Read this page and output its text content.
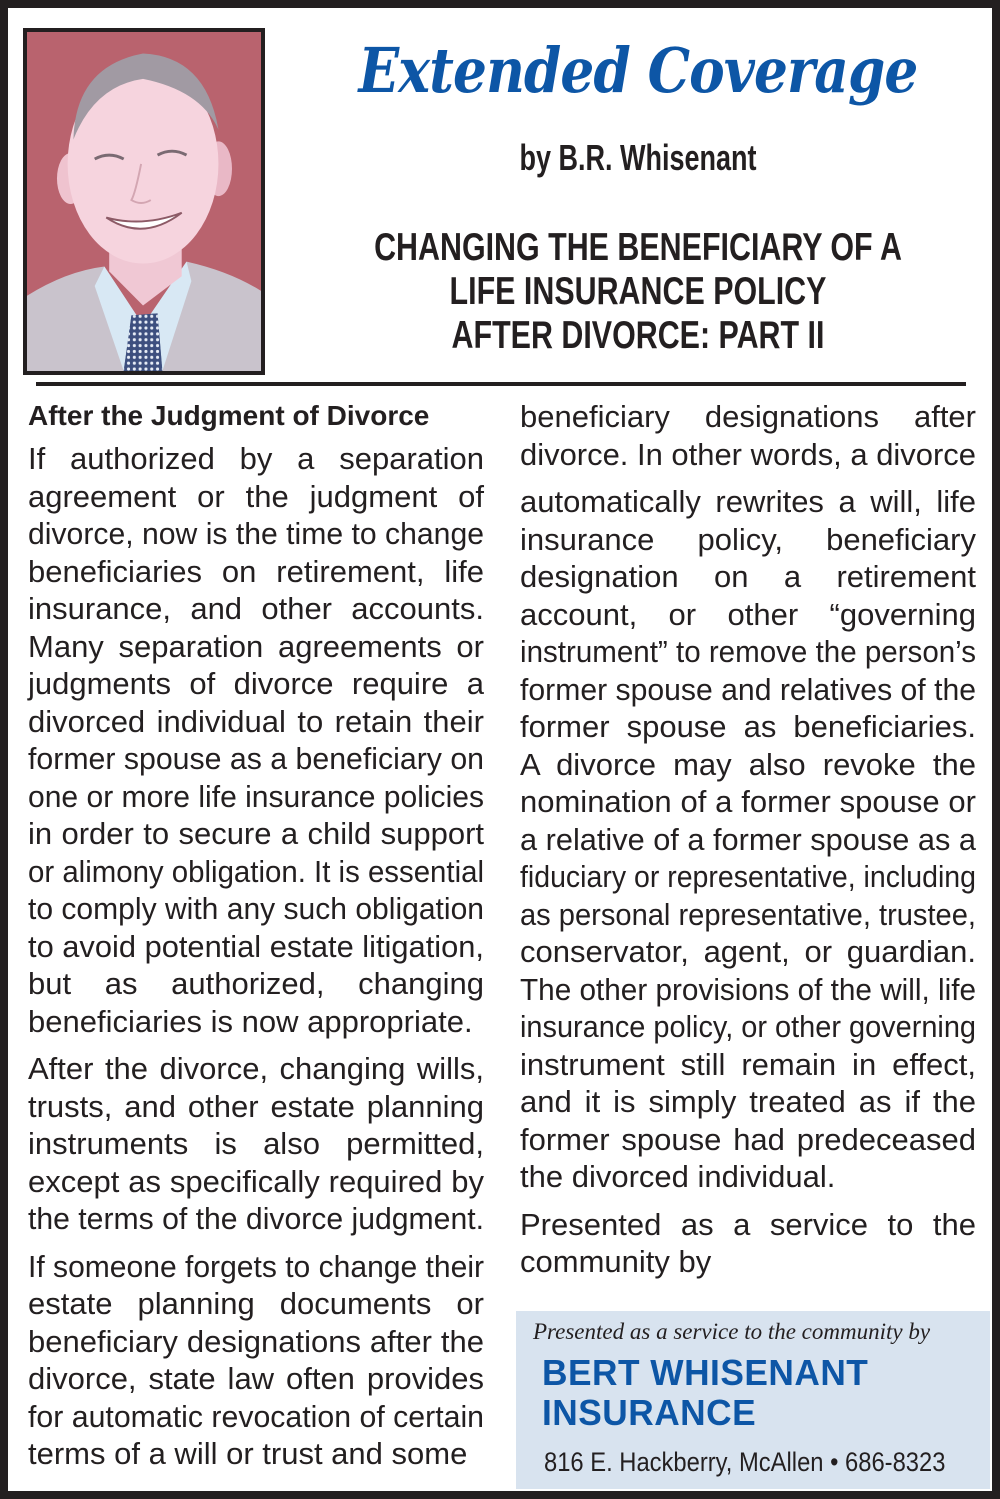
Extended Coverage
by B.R. Whisenant
CHANGING THE BENEFICIARY OF A
LIFE INSURANCE POLICY
AFTER DIVORCE: PART II
After the Judgment of Divorce
If authorized by a separation
agreement or the judgment of
divorce, now is the time to change
beneficiaries on retirement, life
insurance, and other accounts.
Many separation agreements or
judgments of divorce require a
divorced individual to retain their
former spouse as a beneficiary on
one or more life insurance policies
in order to secure a child support
or alimony obligation. It is essential
to comply with any such obligation
to avoid potential estate litigation,
but as authorized, changing
beneficiaries is now appropriate.
After the divorce, changing wills,
trusts, and other estate planning
instruments is also permitted,
except as specifically required by
the terms of the divorce judgment.
If someone forgets to change their
estate planning documents or
beneficiary designations after the
divorce, state law often provides
for automatic revocation of certain
terms of a will or trust and some
beneficiary designations after
divorce. In other words, a divorce
automatically rewrites a will, life
insurance policy, beneficiary
designation on a retirement
account, or other “governing
instrument” to remove the person’s
former spouse and relatives of the
former spouse as beneficiaries.
A divorce may also revoke the
nomination of a former spouse or
a relative of a former spouse as a
fiduciary or representative, including
as personal representative, trustee,
conservator, agent, or guardian.
The other provisions of the will, life
insurance policy, or other governing
instrument still remain in effect,
and it is simply treated as if the
former spouse had predeceased
the divorced individual.
Presented as a service to the
community by
Presented as a service to the community by
BERT WHISENANT
INSURANCE
816 E. Hackberry, McAllen • 686-8323
